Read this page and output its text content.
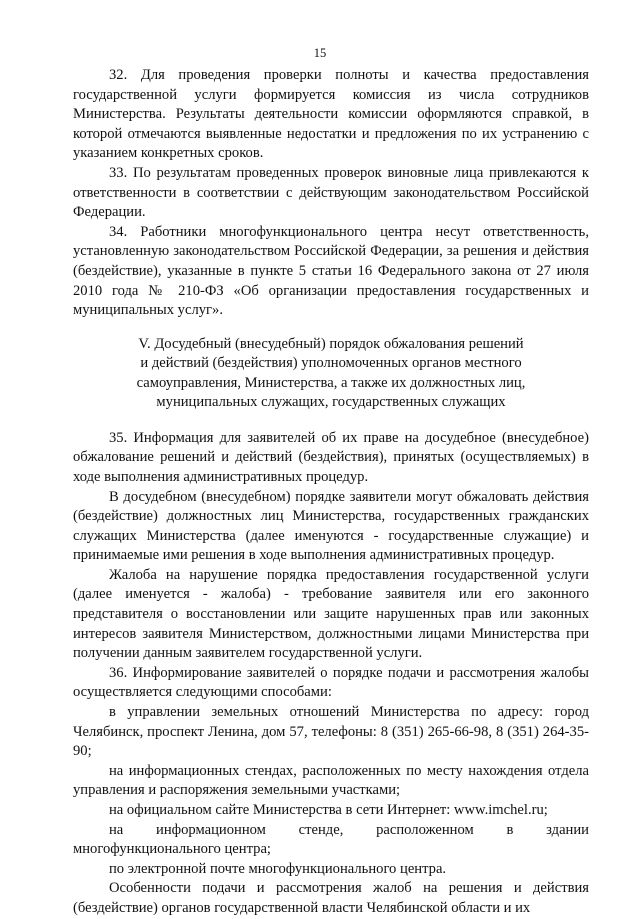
15

32. Для проведения проверки полноты и качества предоставления государственной услуги формируется комиссия из числа сотрудников Министерства. Результаты деятельности комиссии оформляются справкой, в которой отмечаются выявленные недостатки и предложения по их устранению с указанием конкретных сроков.

33. По результатам проведенных проверок виновные лица привлекаются к ответственности в соответствии с действующим законодательством Российской Федерации.

34. Работники многофункционального центра несут ответственность, установленную законодательством Российской Федерации, за решения и действия (бездействие), указанные в пункте 5 статьи 16 Федерального закона от 27 июля 2010 года № 210-ФЗ «Об организации предоставления государственных и муниципальных услуг».

V. Досудебный (внесудебный) порядок обжалования решений
и действий (бездействия) уполномоченных органов местного
самоуправления, Министерства, а также их должностных лиц,
муниципальных служащих, государственных служащих

35. Информация для заявителей об их праве на досудебное (внесудебное) обжалование решений и действий (бездействия), принятых (осуществляемых) в ходе выполнения административных процедур.

В досудебном (внесудебном) порядке заявители могут обжаловать действия (бездействие) должностных лиц Министерства, государственных гражданских служащих Министерства (далее именуются - государственные служащие) и принимаемые ими решения в ходе выполнения административных процедур.

Жалоба на нарушение порядка предоставления государственной услуги (далее именуется - жалоба) - требование заявителя или его законного представителя о восстановлении или защите нарушенных прав или законных интересов заявителя Министерством, должностными лицами Министерства при получении данным заявителем государственной услуги.

36. Информирование заявителей о порядке подачи и рассмотрения жалобы осуществляется следующими способами:

в управлении земельных отношений Министерства по адресу: город Челябинск, проспект Ленина, дом 57, телефоны: 8 (351) 265-66-98, 8 (351) 264-35-90;

на информационных стендах, расположенных по месту нахождения отдела управления и распоряжения земельными участками;

на официальном сайте Министерства в сети Интернет: www.imchel.ru;

на информационном стенде, расположенном в здании многофункционального центра;

по электронной почте многофункционального центра.

Особенности подачи и рассмотрения жалоб на решения и действия (бездействие) органов государственной власти Челябинской области и их
